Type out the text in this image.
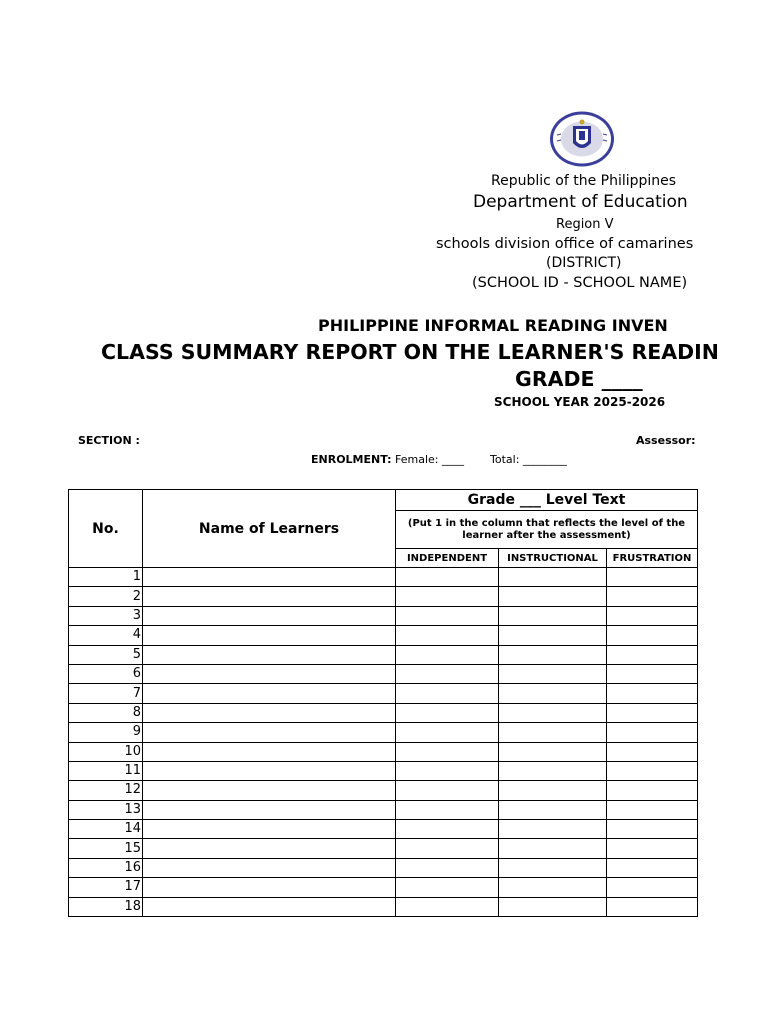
Republic of the Philippines
Department of Education
Region V
schools division office of camarines
(DISTRICT)
(SCHOOL ID - SCHOOL NAME)
PHILIPPINE INFORMAL READING INVEN
CLASS SUMMARY REPORT ON THE LEARNER'S READIN
GRADE ____
SCHOOL YEAR 2025-2026
SECTION :	Assessor:
ENROLMENT: Female: ____ Total: ________
No.	Name of Learners	Grade ___ Level Text		
		(Put 1 in the column that reflects the level of the learner after the assessment)		
		INDEPENDENT	INSTRUCTIONAL	FRUSTRATION
1				
2				
3				
4				
5				
6				
7				
8				
9				
10				
11				
12				
13				
14				
15				
16				
17				
18				
